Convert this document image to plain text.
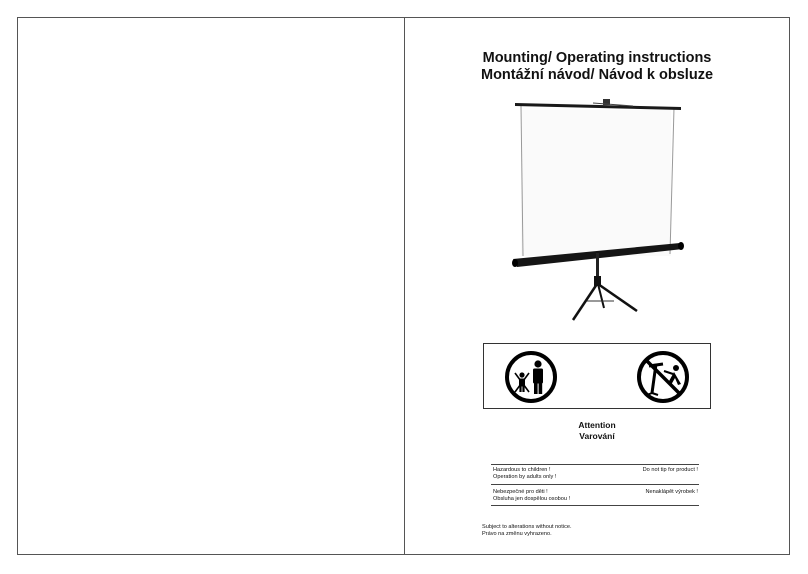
Mounting/ Operating instructions
Montážní návod/ Návod k obsluze
Attention
Varování
Hazardous to children !
Operation by adults only !
Do not tip for product !
Nebezpečné pro děti !
Obsluha jen dospělou osobou !
Nenaklápět výrobek !
Subject to alterations without notice.
Právo na změnu vyhrazeno.
